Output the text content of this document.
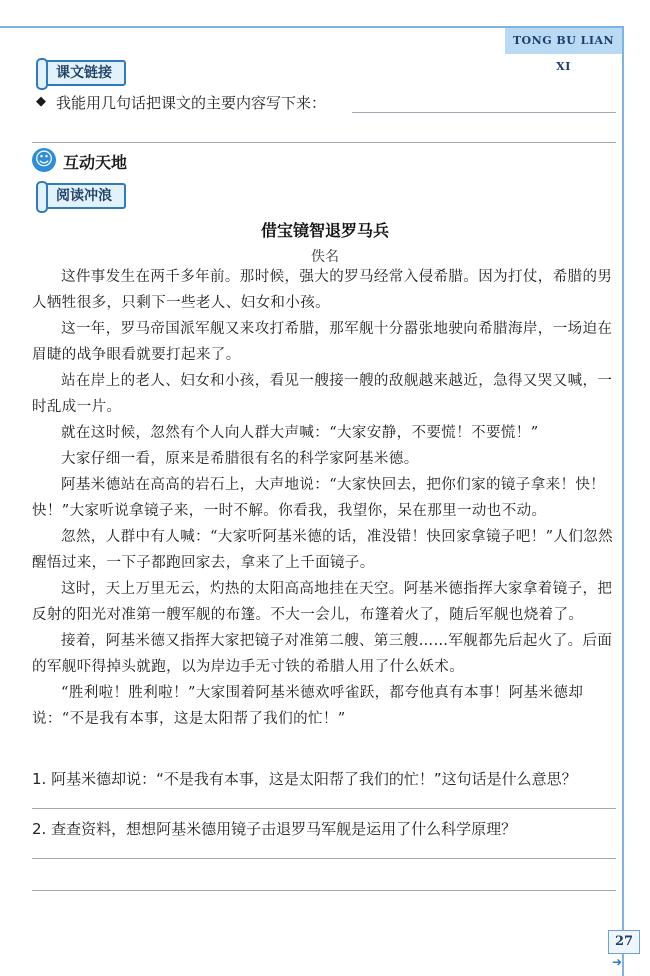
TONG BU LIAN XI
课文链接
◆ 我能用几句话把课文的主要内容写下来：
☺ 互动天地
阅读冲浪
借宝镜智退罗马兵
佚名

这件事发生在两千多年前。那时候，强大的罗马经常入侵希腊。因为打仗，希腊的男人牺牲很多，只剩下一些老人、妇女和小孩。

这一年，罗马帝国派军舰又来攻打希腊，那军舰十分嚣张地驶向希腊海岸，一场迫在眉睫的战争眼看就要打起来了。

站在岸上的老人、妇女和小孩，看见一艘接一艘的敌舰越来越近，急得又哭又喊，一时乱成一片。

就在这时候，忽然有个人向人群大声喊：“大家安静，不要慌！不要慌！”

大家仔细一看，原来是希腊很有名的科学家阿基米德。

阿基米德站在高高的岩石上，大声地说：“大家快回去，把你们家的镜子拿来！快！快！”大家听说拿镜子来，一时不解。你看我，我望你，呆在那里一动也不动。

忽然，人群中有人喊：“大家听阿基米德的话，准没错！快回家拿镜子吧！”人们忽然醒悟过来，一下子都跑回家去，拿来了上千面镜子。

这时，天上万里无云，灼热的太阳高高地挂在天空。阿基米德指挥大家拿着镜子，把反射的阳光对准第一艘军舰的布篷。不大一会儿，布篷着火了，随后军舰也烧着了。

接着，阿基米德又指挥大家把镜子对准第二艘、第三艘……军舰都先后起火了。后面的军舰吓得掉头就跑，以为岸边手无寸铁的希腊人用了什么妖术。

“胜利啦！胜利啦！”大家围着阿基米德欢呼雀跃，都夸他真有本事！阿基米德却说：“不是我有本事，这是太阳帮了我们的忙！”

1. 阿基米德却说：“不是我有本事，这是太阳帮了我们的忙！”这句话是什么意思？
2. 查查资料，想想阿基米德用镜子击退罗马军舰是运用了什么科学原理？
27
➜
